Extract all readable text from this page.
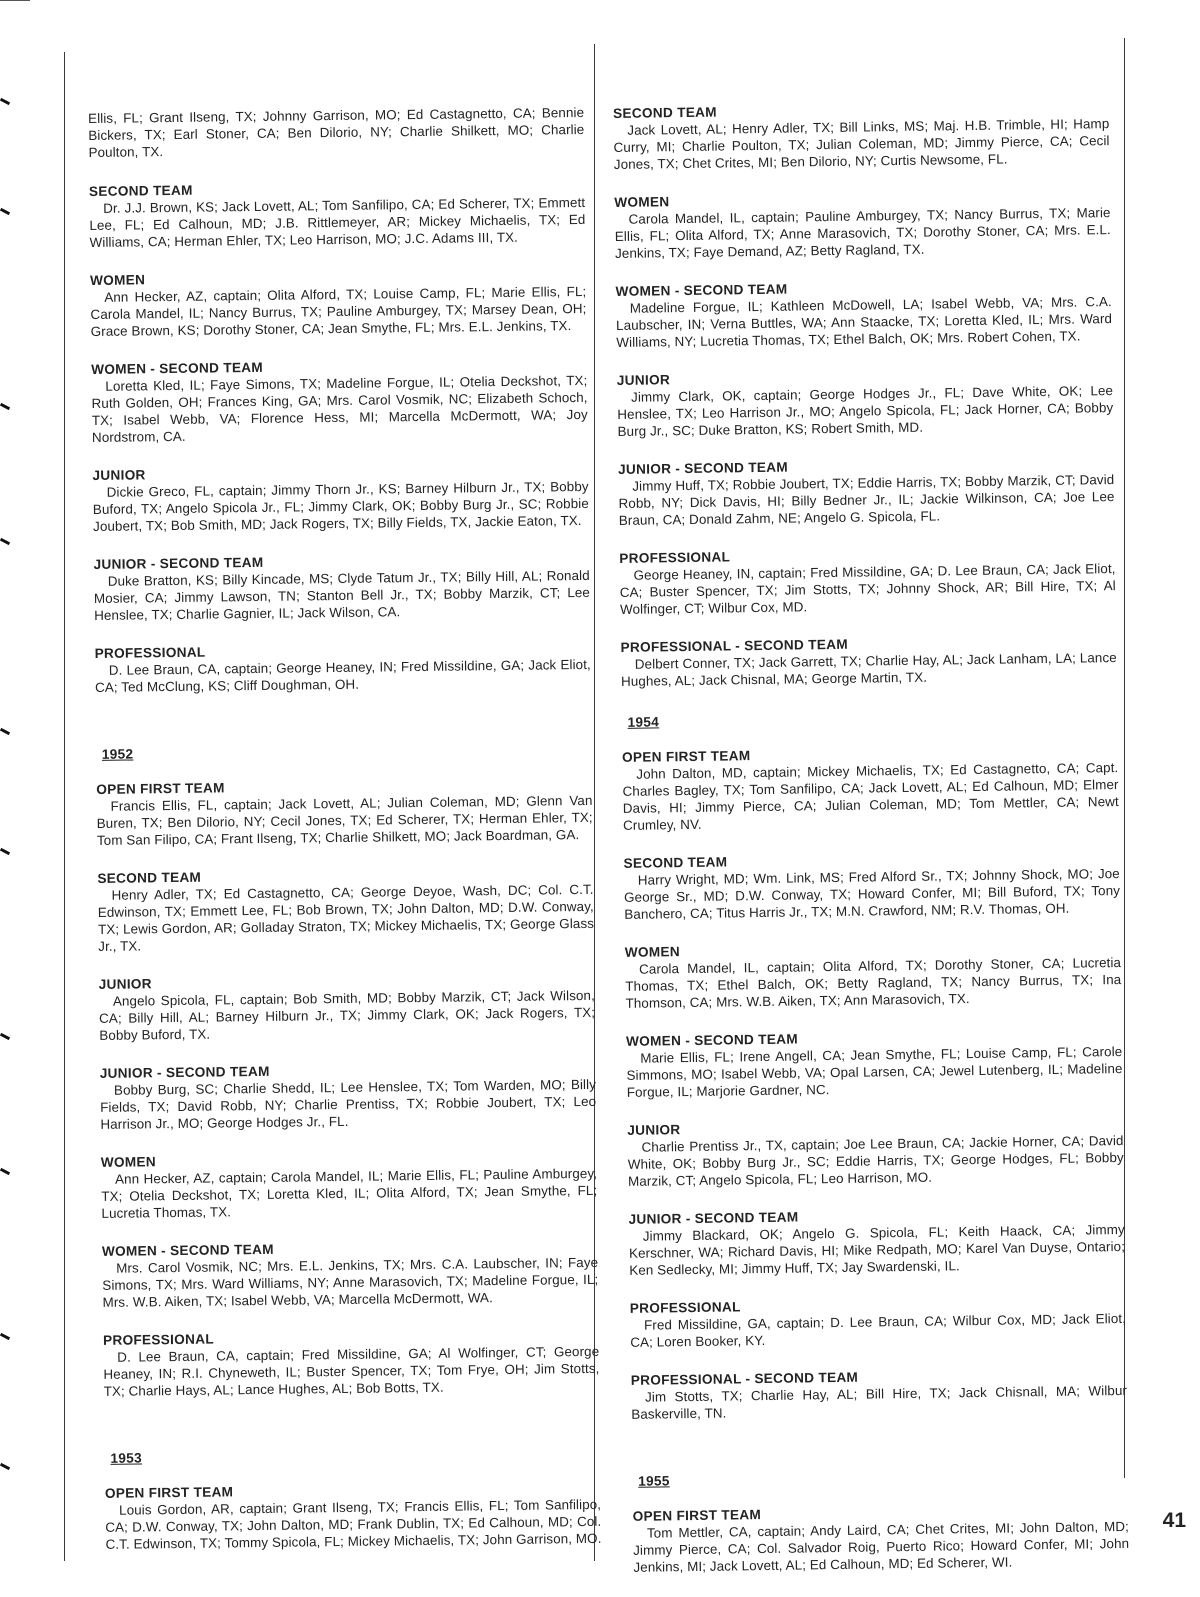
Ellis, FL; Grant Ilseng, TX; Johnny Garrison, MO; Ed Castagnetto, CA; Bennie Bickers, TX; Earl Stoner, CA; Ben Dilorio, NY; Charlie Shilkett, MO; Charlie Poulton, TX.

SECOND TEAM

Dr. J.J. Brown, KS; Jack Lovett, AL; Tom Sanfilipo, CA; Ed Scherer, TX; Emmett Lee, FL; Ed Calhoun, MD; J.B. Rittlemeyer, AR; Mickey Michaelis, TX; Ed Williams, CA; Herman Ehler, TX; Leo Harrison, MO; J.C. Adams III, TX.

WOMEN

Ann Hecker, AZ, captain; Olita Alford, TX; Louise Camp, FL; Marie Ellis, FL; Carola Mandel, IL; Nancy Burrus, TX; Pauline Amburgey, TX; Marsey Dean, OH; Grace Brown, KS; Dorothy Stoner, CA; Jean Smythe, FL; Mrs. E.L. Jenkins, TX.

WOMEN - SECOND TEAM

Loretta Kled, IL; Faye Simons, TX; Madeline Forgue, IL; Otelia Deckshot, TX; Ruth Golden, OH; Frances King, GA; Mrs. Carol Vosmik, NC; Elizabeth Schoch, TX; Isabel Webb, VA; Florence Hess, MI; Marcella McDermott, WA; Joy Nordstrom, CA.

JUNIOR

Dickie Greco, FL, captain; Jimmy Thorn Jr., KS; Barney Hilburn Jr., TX; Bobby Buford, TX; Angelo Spicola Jr., FL; Jimmy Clark, OK; Bobby Burg Jr., SC; Robbie Joubert, TX; Bob Smith, MD; Jack Rogers, TX; Billy Fields, TX, Jackie Eaton, TX.

JUNIOR - SECOND TEAM

Duke Bratton, KS; Billy Kincade, MS; Clyde Tatum Jr., TX; Billy Hill, AL; Ronald Mosier, CA; Jimmy Lawson, TN; Stanton Bell Jr., TX; Bobby Marzik, CT; Lee Henslee, TX; Charlie Gagnier, IL; Jack Wilson, CA.

PROFESSIONAL

D. Lee Braun, CA, captain; George Heaney, IN; Fred Missildine, GA; Jack Eliot, CA; Ted McClung, KS; Cliff Doughman, OH.

1952
OPEN FIRST TEAM

Francis Ellis, FL, captain; Jack Lovett, AL; Julian Coleman, MD; Glenn Van Buren, TX; Ben Dilorio, NY; Cecil Jones, TX; Ed Scherer, TX; Herman Ehler, TX; Tom San Filipo, CA; Frant Ilseng, TX; Charlie Shilkett, MO; Jack Boardman, GA.

SECOND TEAM

Henry Adler, TX; Ed Castagnetto, CA; George Deyoe, Wash, DC; Col. C.T. Edwinson, TX; Emmett Lee, FL; Bob Brown, TX; John Dalton, MD; D.W. Conway, TX; Lewis Gordon, AR; Golladay Straton, TX; Mickey Michaelis, TX; George Glass Jr., TX.

JUNIOR

Angelo Spicola, FL, captain; Bob Smith, MD; Bobby Marzik, CT; Jack Wilson, CA; Billy Hill, AL; Barney Hilburn Jr., TX; Jimmy Clark, OK; Jack Rogers, TX; Bobby Buford, TX.

JUNIOR - SECOND TEAM

Bobby Burg, SC; Charlie Shedd, IL; Lee Henslee, TX; Tom Warden, MO; Billy Fields, TX; David Robb, NY; Charlie Prentiss, TX; Robbie Joubert, TX; Leo Harrison Jr., MO; George Hodges Jr., FL.

WOMEN

Ann Hecker, AZ, captain; Carola Mandel, IL; Marie Ellis, FL; Pauline Amburgey, TX; Otelia Deckshot, TX; Loretta Kled, IL; Olita Alford, TX; Jean Smythe, FL; Lucretia Thomas, TX.

WOMEN - SECOND TEAM

Mrs. Carol Vosmik, NC; Mrs. E.L. Jenkins, TX; Mrs. C.A. Laubscher, IN; Faye Simons, TX; Mrs. Ward Williams, NY; Anne Marasovich, TX; Madeline Forgue, IL; Mrs. W.B. Aiken, TX; Isabel Webb, VA; Marcella McDermott, WA.

PROFESSIONAL

D. Lee Braun, CA, captain; Fred Missildine, GA; Al Wolfinger, CT; George Heaney, IN; R.I. Chyneweth, IL; Buster Spencer, TX; Tom Frye, OH; Jim Stotts, TX; Charlie Hays, AL; Lance Hughes, AL; Bob Botts, TX.

1953
OPEN FIRST TEAM

Louis Gordon, AR, captain; Grant Ilseng, TX; Francis Ellis, FL; Tom Sanfilipo, CA; D.W. Conway, TX; John Dalton, MD; Frank Dublin, TX; Ed Calhoun, MD; Col. C.T. Edwinson, TX; Tommy Spicola, FL; Mickey Michaelis, TX; John Garrison, MO.

SECOND TEAM

Jack Lovett, AL; Henry Adler, TX; Bill Links, MS; Maj. H.B. Trimble, HI; Hamp Curry, MI; Charlie Poulton, TX; Julian Coleman, MD; Jimmy Pierce, CA; Cecil Jones, TX; Chet Crites, MI; Ben Dilorio, NY; Curtis Newsome, FL.

WOMEN

Carola Mandel, IL, captain; Pauline Amburgey, TX; Nancy Burrus, TX; Marie Ellis, FL; Olita Alford, TX; Anne Marasovich, TX; Dorothy Stoner, CA; Mrs. E.L. Jenkins, TX; Faye Demand, AZ; Betty Ragland, TX.

WOMEN - SECOND TEAM

Madeline Forgue, IL; Kathleen McDowell, LA; Isabel Webb, VA; Mrs. C.A. Laubscher, IN; Verna Buttles, WA; Ann Staacke, TX; Loretta Kled, IL; Mrs. Ward Williams, NY; Lucretia Thomas, TX; Ethel Balch, OK; Mrs. Robert Cohen, TX.

JUNIOR

Jimmy Clark, OK, captain; George Hodges Jr., FL; Dave White, OK; Lee Henslee, TX; Leo Harrison Jr., MO; Angelo Spicola, FL; Jack Horner, CA; Bobby Burg Jr., SC; Duke Bratton, KS; Robert Smith, MD.

JUNIOR - SECOND TEAM

Jimmy Huff, TX; Robbie Joubert, TX; Eddie Harris, TX; Bobby Marzik, CT; David Robb, NY; Dick Davis, HI; Billy Bedner Jr., IL; Jackie Wilkinson, CA; Joe Lee Braun, CA; Donald Zahm, NE; Angelo G. Spicola, FL.

PROFESSIONAL

George Heaney, IN, captain; Fred Missildine, GA; D. Lee Braun, CA; Jack Eliot, CA; Buster Spencer, TX; Jim Stotts, TX; Johnny Shock, AR; Bill Hire, TX; Al Wolfinger, CT; Wilbur Cox, MD.

PROFESSIONAL - SECOND TEAM

Delbert Conner, TX; Jack Garrett, TX; Charlie Hay, AL; Jack Lanham, LA; Lance Hughes, AL; Jack Chisnal, MA; George Martin, TX.

1954
OPEN FIRST TEAM

John Dalton, MD, captain; Mickey Michaelis, TX; Ed Castagnetto, CA; Capt. Charles Bagley, TX; Tom Sanfilipo, CA; Jack Lovett, AL; Ed Calhoun, MD; Elmer Davis, HI; Jimmy Pierce, CA; Julian Coleman, MD; Tom Mettler, CA; Newt Crumley, NV.

SECOND TEAM

Harry Wright, MD; Wm. Link, MS; Fred Alford Sr., TX; Johnny Shock, MO; Joe George Sr., MD; D.W. Conway, TX; Howard Confer, MI; Bill Buford, TX; Tony Banchero, CA; Titus Harris Jr., TX; M.N. Crawford, NM; R.V. Thomas, OH.

WOMEN

Carola Mandel, IL, captain; Olita Alford, TX; Dorothy Stoner, CA; Lucretia Thomas, TX; Ethel Balch, OK; Betty Ragland, TX; Nancy Burrus, TX; Ina Thomson, CA; Mrs. W.B. Aiken, TX; Ann Marasovich, TX.

WOMEN - SECOND TEAM

Marie Ellis, FL; Irene Angell, CA; Jean Smythe, FL; Louise Camp, FL; Carole Simmons, MO; Isabel Webb, VA; Opal Larsen, CA; Jewel Lutenberg, IL; Madeline Forgue, IL; Marjorie Gardner, NC.

JUNIOR

Charlie Prentiss Jr., TX, captain; Joe Lee Braun, CA; Jackie Horner, CA; David White, OK; Bobby Burg Jr., SC; Eddie Harris, TX; George Hodges, FL; Bobby Marzik, CT; Angelo Spicola, FL; Leo Harrison, MO.

JUNIOR - SECOND TEAM

Jimmy Blackard, OK; Angelo G. Spicola, FL; Keith Haack, CA; Jimmy Kerschner, WA; Richard Davis, HI; Mike Redpath, MO; Karel Van Duyse, Ontario; Ken Sedlecky, MI; Jimmy Huff, TX; Jay Swardenski, IL.

PROFESSIONAL

Fred Missildine, GA, captain; D. Lee Braun, CA; Wilbur Cox, MD; Jack Eliot, CA; Loren Booker, KY.

PROFESSIONAL - SECOND TEAM

Jim Stotts, TX; Charlie Hay, AL; Bill Hire, TX; Jack Chisnall, MA; Wilbur Baskerville, TN.

1955
OPEN FIRST TEAM

Tom Mettler, CA, captain; Andy Laird, CA; Chet Crites, MI; John Dalton, MD; Jimmy Pierce, CA; Col. Salvador Roig, Puerto Rico; Howard Confer, MI; John Jenkins, MI; Jack Lovett, AL; Ed Calhoun, MD; Ed Scherer, WI.

41
